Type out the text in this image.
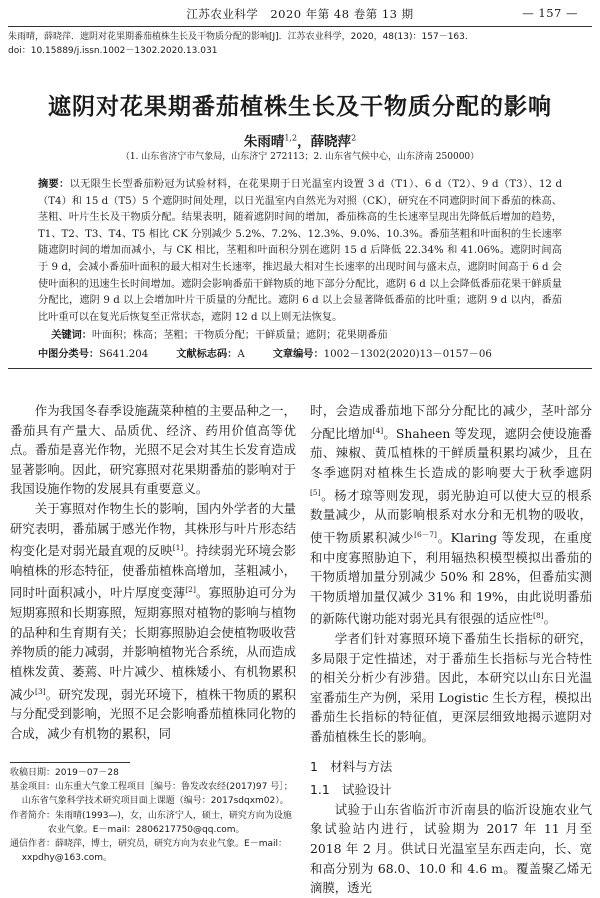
江苏农业科学　2020 年第 48 卷第 13 期	— 157 —
朱雨晴，薛晓萍．遮阴对花果期番茄植株生长及干物质分配的影响[J]．江苏农业科学，2020，48(13)：157－163．
doi：10.15889/j.issn.1002－1302.2020.13.031
遮阴对花果期番茄植株生长及干物质分配的影响
朱雨晴$^{1,2}$，薛晓萍$^2$
（1. 山东省济宁市气象局，山东济宁 272113；2. 山东省气候中心，山东济南 250000）
摘要：以无限生长型番茄粉冠为试验材料，在花果期于日光温室内设置 3 d（T1）、6 d（T2）、9 d（T3）、12 d（T4）和 15 d（T5）5 个遮阴时间处理，以日光温室内自然光为对照（CK），研究在不同遮阴时间下番茄的株高、茎粗、叶片生长及干物质分配。结果表明，随着遮阴时间的增加，番茄株高的生长速率呈现出先降低后增加的趋势，T1、T2、T3、T4、T5 相比 CK 分别减少 5.2%、7.2%、12.3%、9.0%、10.3%。番茄茎粗和叶面积的生长速率随遮阴时间的增加而减小，与 CK 相比，茎粗和叶面积分别在遮阴 15 d 后降低 22.34% 和 41.06%。遮阴时间高于 9 d，会减小番茄叶面积的最大相对生长速率，推迟最大相对生长速率的出现时间与盛末点，遮阴时间高于 6 d 会使叶面积的迅速生长时间增加。遮阴会影响番茄干鲜物质的地下部分分配比，遮阴 6 d 以上会降低番茄花果干鲜质量分配比，遮阴 9 d 以上会增加叶片干质量的分配比。遮阴 6 d 以上会显著降低番茄的比叶重；遮阴 9 d 以内，番茄比叶重可以在复光后恢复至正常状态，遮阴 12 d 以上则无法恢复。
关键词：叶面积；株高；茎粗；干物质分配；干鲜质量；遮阴；花果期番茄
中图分类号：S641.204	文献标志码：A	文章编号：1002－1302(2020)13－0157－06

作为我国冬春季设施蔬菜种植的主要品种之一，番茄具有产量大、品质优、经济、药用价值高等优点。番茄是喜光作物，光照不足会对其生长发育造成显著影响。因此，研究寡照对花果期番茄的影响对于我国设施作物的发展具有重要意义。

关于寡照对作物生长的影响，国内外学者的大量研究表明，番茄属于感光作物，其株形与叶片形态结构变化是对弱光最直观的反映[1]。持续弱光环境会影响植株的形态特征，使番茄植株高增加，茎粗减小，同时叶面积减小，叶片厚度变薄[2]。寡照胁迫可分为短期寡照和长期寡照，短期寡照对植物的影响与植物的品种和生育期有关；长期寡照胁迫会使植物吸收营养物质的能力减弱，并影响植物光合系统，从而造成植株发黄、萎蔫、叶片减少、植株矮小、有机物累积减少[3]。研究发现，弱光环境下，植株干物质的累积与分配受到影响，光照不足会影响番茄植株同化物的合成，减少有机物的累积，同

收稿日期：2019－07－28
基金项目：山东重大气象工程项目［编号：鲁发改农经(2017)97 号］；
山东省气象科学技术研究项目面上课题（编号：2017sdqxm02）。
作者简介：朱雨晴(1993—)，女，山东济宁人，硕士，研究方向为设施
农业气象。E－mail：2806217750@qq.com。
通信作者：薛晓萍，博士，研究员，研究方向为农业气象。E－mail：
xxpdhy@163.com。

时，会造成番茄地下部分分配比的减少，茎叶部分分配比增加[4]。Shaheen 等发现，遮阴会使设施番茄、辣椒、黄瓜植株的干鲜质量积累均减少，且在冬季遮阴对植株生长造成的影响要大于秋季遮阴[5]。杨才琼等则发现，弱光胁迫可以使大豆的根系数量减少，从而影响根系对水分和无机物的吸收，使干物质累积减少[6－7]。Klaring 等发现，在重度和中度寡照胁迫下，利用辐热积模型模拟出番茄的干物质增加量分别减少 50% 和 28%，但番茄实测干物质增加量仅减少 31% 和 19%，由此说明番茄的新陈代谢功能对弱光具有很强的适应性[8]。

学者们针对寡照环境下番茄生长指标的研究，多局限于定性描述，对于番茄生长指标与光合特性的相关分析少有涉猎。因此，本研究以山东日光温室番茄生产为例，采用 Logistic 生长方程，模拟出番茄生长指标的特征值，更深层细致地揭示遮阴对番茄植株生长的影响。

1　材料与方法

1.1　试验设计

试验于山东省临沂市沂南县的临沂设施农业气象试验站内进行，试验期为 2017 年 11 月至 2018 年 2 月。供试日光温室呈东西走向，长、宽和高分别为 68.0、10.0 和 4.6 m。覆盖聚乙烯无滴膜，透光
